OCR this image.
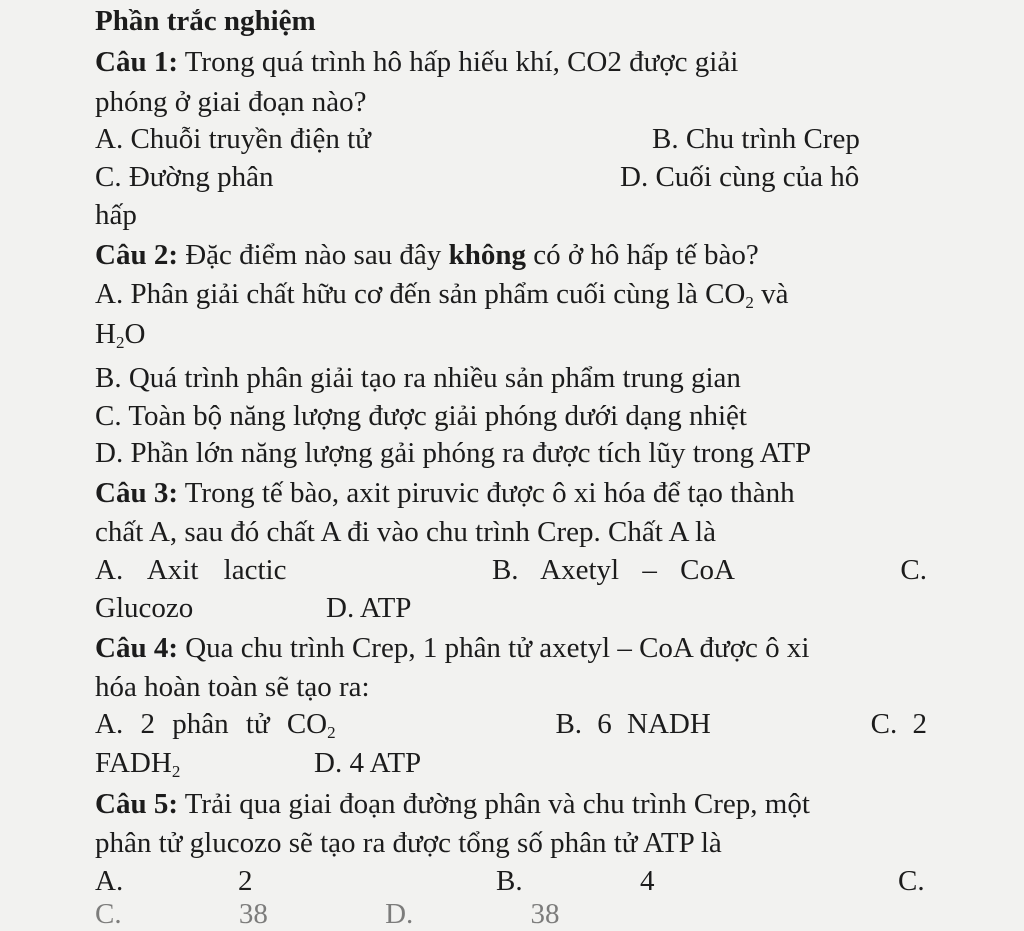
Phần trắc nghiệm
Câu 1: Trong quá trình hô hấp hiếu khí, CO2 được giải
phóng ở giai đoạn nào?
A. Chuỗi truyền điện tử	B. Chu trình Crep
C. Đường phân	D. Cuối cùng của hô
hấp
Câu 2: Đặc điểm nào sau đây không có ở hô hấp tế bào?
A. Phân giải chất hữu cơ đến sản phẩm cuối cùng là $CO_2$ và
$H_2O$
B. Quá trình phân giải tạo ra nhiều sản phẩm trung gian
C. Toàn bộ năng lượng được giải phóng dưới dạng nhiệt
D. Phần lớn năng lượng gải phóng ra được tích lũy trong ATP
Câu 3: Trong tế bào, axit piruvic được ô xi hóa để tạo thành
chất A, sau đó chất A đi vào chu trình Crep. Chất A là
A. Axit lactic	B. Axetyl – CoA	C.
Glucozo	D. ATP
Câu 4: Qua chu trình Crep, 1 phân tử axetyl – CoA được ô xi
hóa hoàn toàn sẽ tạo ra:
A. 2 phân tử $CO_2$	B. 6 NADH	C. 2
$FADH_2$	D. 4 ATP
Câu 5: Trải qua giai đoạn đường phân và chu trình Crep, một
phân tử glucozo sẽ tạo ra được tổng số phân tử ATP là
A.	2	B.	4	C.
C. 38 D. 38
